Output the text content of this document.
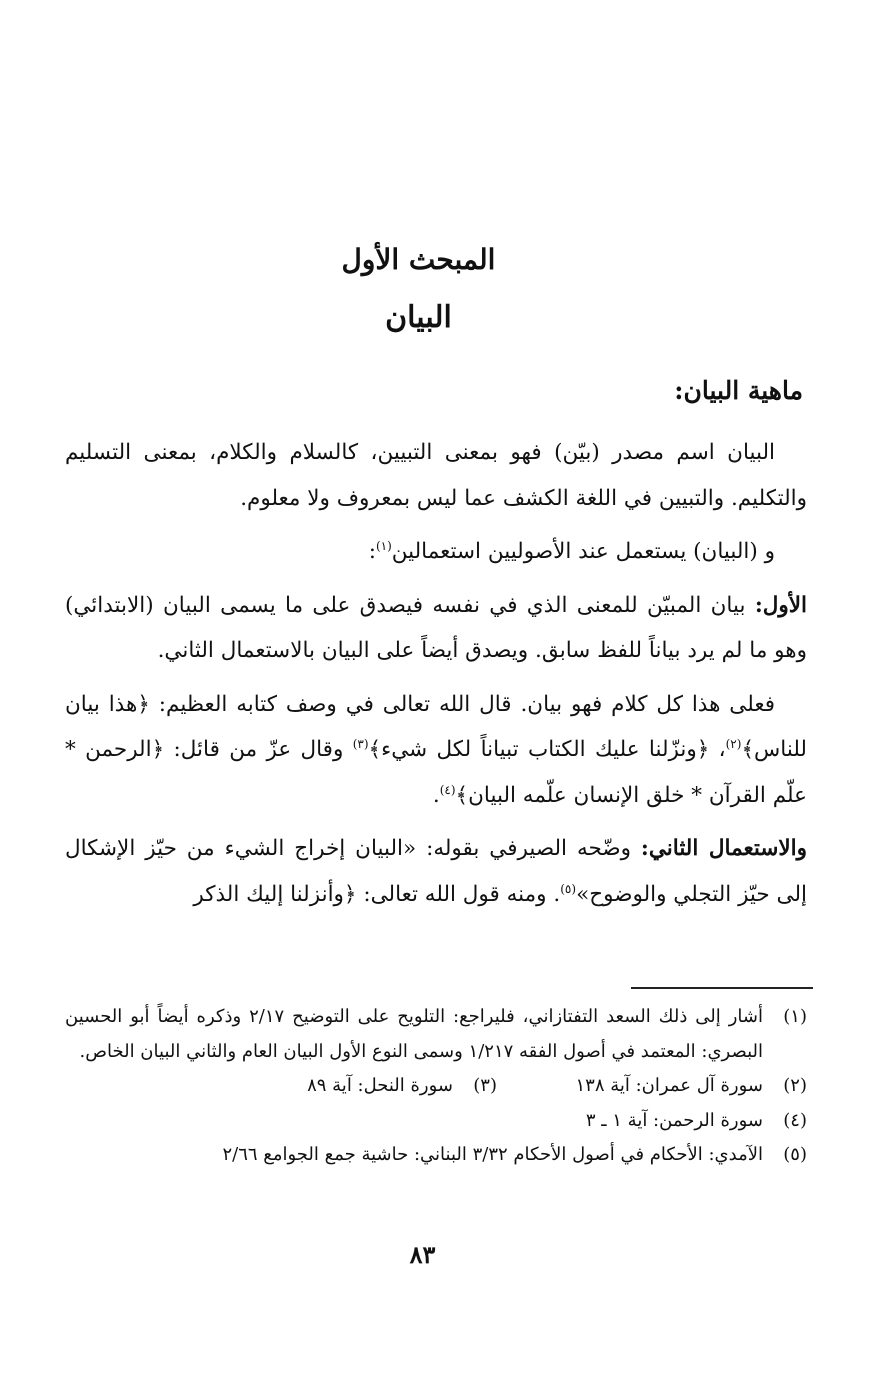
المبحث الأول
البيان
ماهية البيان:

البيان اسم مصدر (بيّن) فهو بمعنى التبيين، كالسلام والكلام، بمعنى التسليم والتكليم. والتبيين في اللغة الكشف عما ليس بمعروف ولا معلوم.

و (البيان) يستعمل عند الأصوليين استعمالين$^{(١)}$:

الأول: بيان المبيّن للمعنى الذي في نفسه فيصدق على ما يسمى البيان (الابتدائي) وهو ما لم يرد بياناً للفظ سابق. ويصدق أيضاً على البيان بالاستعمال الثاني.

فعلى هذا كل كلام فهو بيان. قال الله تعالى في وصف كتابه العظيم: ﴿هذا بيان للناس﴾$^{(٢)}$، ﴿ونزّلنا عليك الكتاب تبياناً لكل شيء﴾$^{(٣)}$ وقال عزّ من قائل: ﴿الرحمن * علّم القرآن * خلق الإنسان علّمه البيان﴾$^{(٤)}$.

والاستعمال الثاني: وضّحه الصيرفي بقوله: «البيان إخراج الشيء من حيّز الإشكال إلى حيّز التجلي والوضوح»$^{(٥)}$. ومنه قول الله تعالى: ﴿وأنزلنا إليك الذكر

(١)
أشار إلى ذلك السعد التفتازاني، فليراجع: التلويح على التوضيح ٢/١٧ وذكره أيضاً أبو الحسين البصري: المعتمد في أصول الفقه ١/٢١٧ وسمى النوع الأول البيان العام والثاني البيان الخاص.
(٢)
سورة آل عمران: آية ١٣٨
(٣)
سورة النحل: آية ٨٩
(٤)
سورة الرحمن: آية ١ ـ ٣
(٥)
الآمدي: الأحكام في أصول الأحكام ٣/٣٢ البناني: حاشية جمع الجوامع ٢/٦٦
٨٣
